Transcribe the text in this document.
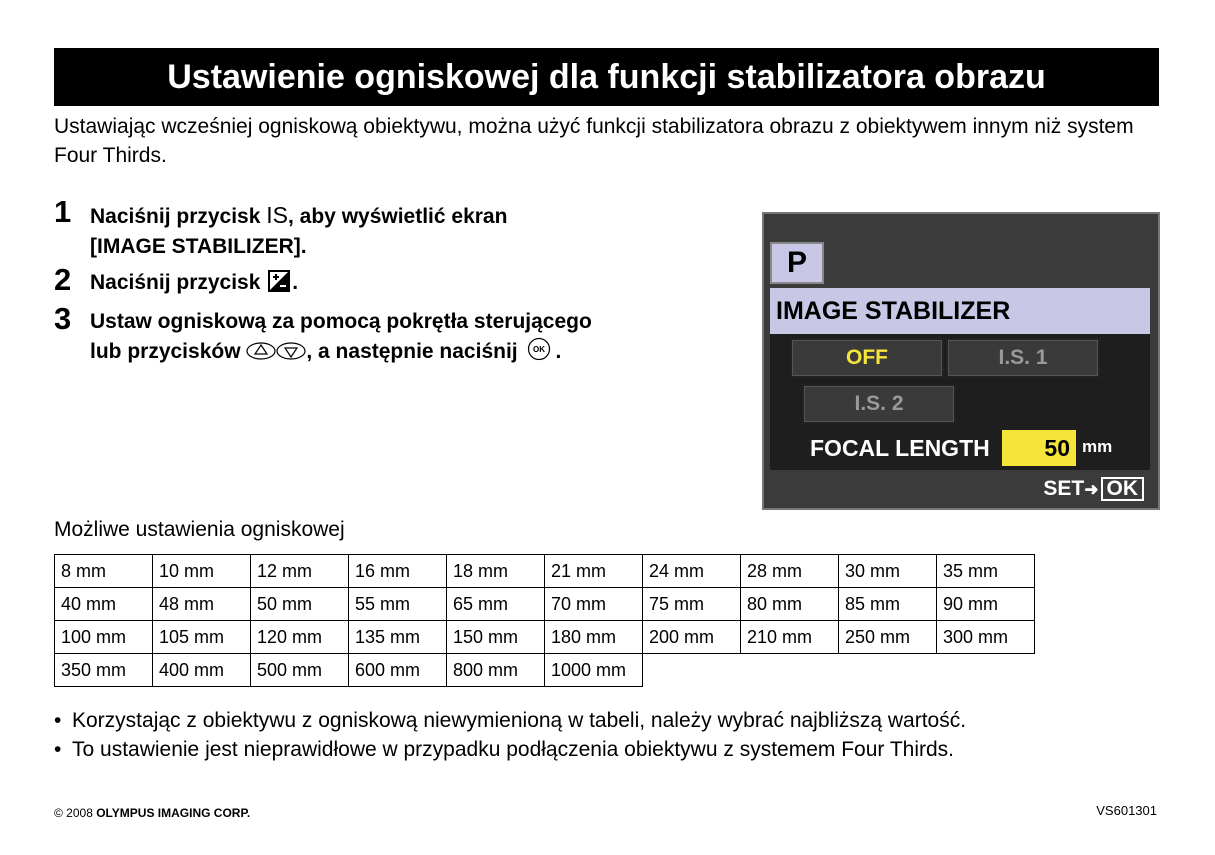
Ustawienie ogniskowej dla funkcji stabilizatora obrazu
Ustawiając wcześniej ogniskową obiektywu, można użyć funkcji stabilizatora obrazu z obiektywem innym niż system Four Thirds.
1 Naciśnij przycisk IS, aby wyświetlić ekran
[IMAGE STABILIZER].
2 Naciśnij przycisk .
3 Ustaw ogniskową za pomocą pokrętła sterującego
lub przycisków	, a następnie naciśnij OK .
P
IMAGE STABILIZER
OFF	I.S. 1
I.S. 2
FOCAL LENGTH	50 mm
SET➜ OK
Możliwe ustawienia ogniskowej
8 mm	10 mm	12 mm	16 mm	18 mm	21 mm	24 mm	28 mm	30 mm	35 mm
40 mm	48 mm	50 mm	55 mm	65 mm	70 mm	75 mm	80 mm	85 mm	90 mm
100 mm	105 mm	120 mm	135 mm	150 mm	180 mm	200 mm	210 mm	250 mm	300 mm
350 mm	400 mm	500 mm	600 mm	800 mm	1000 mm				
• Korzystając z obiektywu z ogniskową niewymienioną w tabeli, należy wybrać najbliższą wartość.
• To ustawienie jest nieprawidłowe w przypadku podłączenia obiektywu z systemem Four Thirds.
© 2008 OLYMPUS IMAGING CORP.	VS601301
